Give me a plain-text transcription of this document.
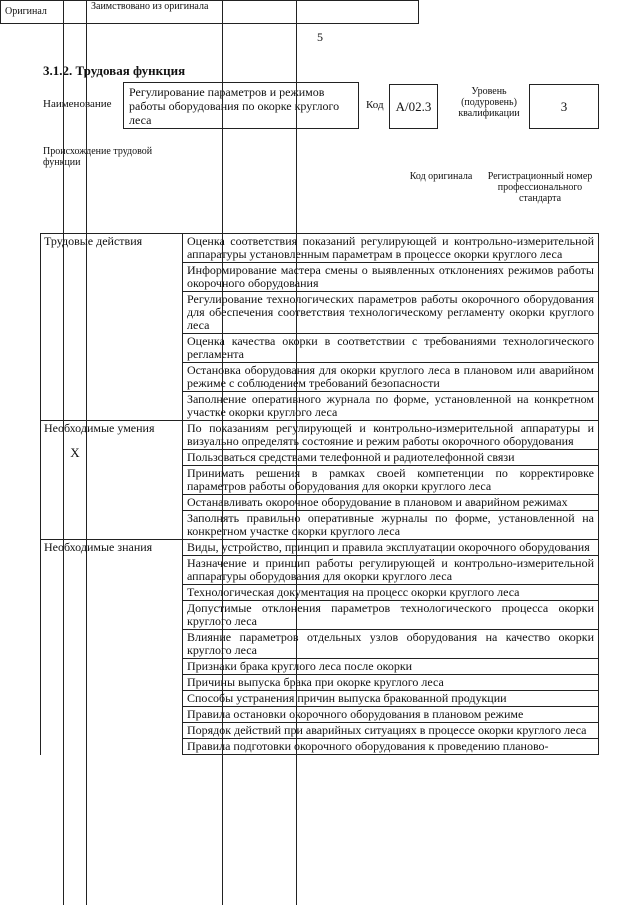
5
3.1.2. Трудовая функция
Наименование
Регулирование параметров и режимов работы оборудования по окорке круглого леса
Код А/02.3
Уровень (подуровень) квалификации	3
Происхождение трудовой функции
Оригинал
X
Заимствовано из оригинала
Код оригинала	Регистрационный номер профессионального стандарта
Трудовые действия	Оценка соответствия показаний регулирующей и контрольно-измерительной аппаратуры установленным параметрам в процессе окорки круглого леса
	Информирование мастера смены о выявленных отклонениях режимов работы окорочного оборудования
	Регулирование технологических параметров работы окорочного оборудования для обеспечения соответствия технологическому регламенту окорки круглого леса
	Оценка качества окорки в соответствии с требованиями технологического регламента
	Остановка оборудования для окорки круглого леса в плановом или аварийном режиме с соблюдением требований безопасности
	Заполнение оперативного журнала по форме, установленной на конкретном участке окорки круглого леса
Необходимые умения	По показаниям регулирующей и контрольно-измерительной аппаратуры и визуально определять состояние и режим работы окорочного оборудования
	Пользоваться средствами телефонной и радиотелефонной связи
	Принимать решения в рамках своей компетенции по корректировке параметров работы оборудования для окорки круглого леса
	Останавливать окорочное оборудование в плановом и аварийном режимах
	Заполнять правильно оперативные журналы по форме, установленной на конкретном участке окорки круглого леса
Необходимые знания	Виды, устройство, принцип и правила эксплуатации окорочного оборудования
	Назначение и принцип работы регулирующей и контрольно-измерительной аппаратуры оборудования для окорки круглого леса
	Технологическая документация на процесс окорки круглого леса
	Допустимые отклонения параметров технологического процесса окорки круглого леса
	Влияние параметров отдельных узлов оборудования на качество окорки круглого леса
	Признаки брака круглого леса после окорки
	Причины выпуска брака при окорке круглого леса
	Способы устранения причин выпуска бракованной продукции
	Правила остановки окорочного оборудования в плановом режиме
	Порядок действий при аварийных ситуациях в процессе окорки круглого леса
	Правила подготовки окорочного оборудования к проведению планово-
